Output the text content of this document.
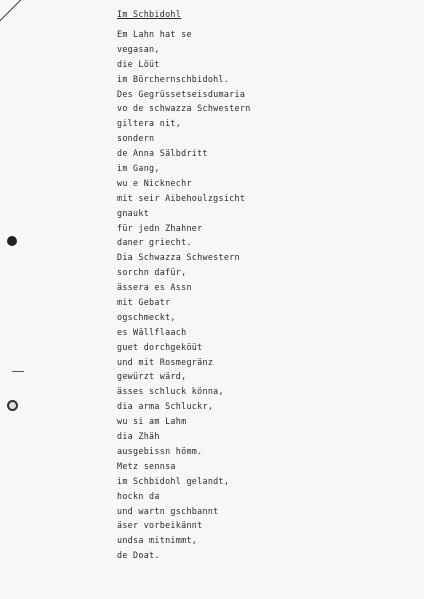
Im Schbidohl
Em Lahn hat se
vegasan,
die Löüt
im Börchernschbidohl.
Des Gegrüssetseisdumaria
vo de schwazza Schwestern
giltera nit,
sondern
de Anna Sälbdritt
im Gang,
wu e Nicknechr
mit seir Aibehoulzgsicht
gnaukt
für jedn Zhahner
daner griecht.
Dia Schwazza Schwestern
sorchn dafür,
ässera es Assn
mit Gebatr
ogschmeckt,
es Wällflaach
guet dorchgeköüt
und mit Rosmegränz
gewürzt wärd,
ässes schluck könna,
dia arma Schluckr,
wu si am Lahm
dia Zhäh
ausgebissn hömm.
Metz sennsa
im Schbidohl gelandt,
hockn da
und wartn gschbannt
äser vorbeikännt
undsa mitnimmt,
de Doat.
